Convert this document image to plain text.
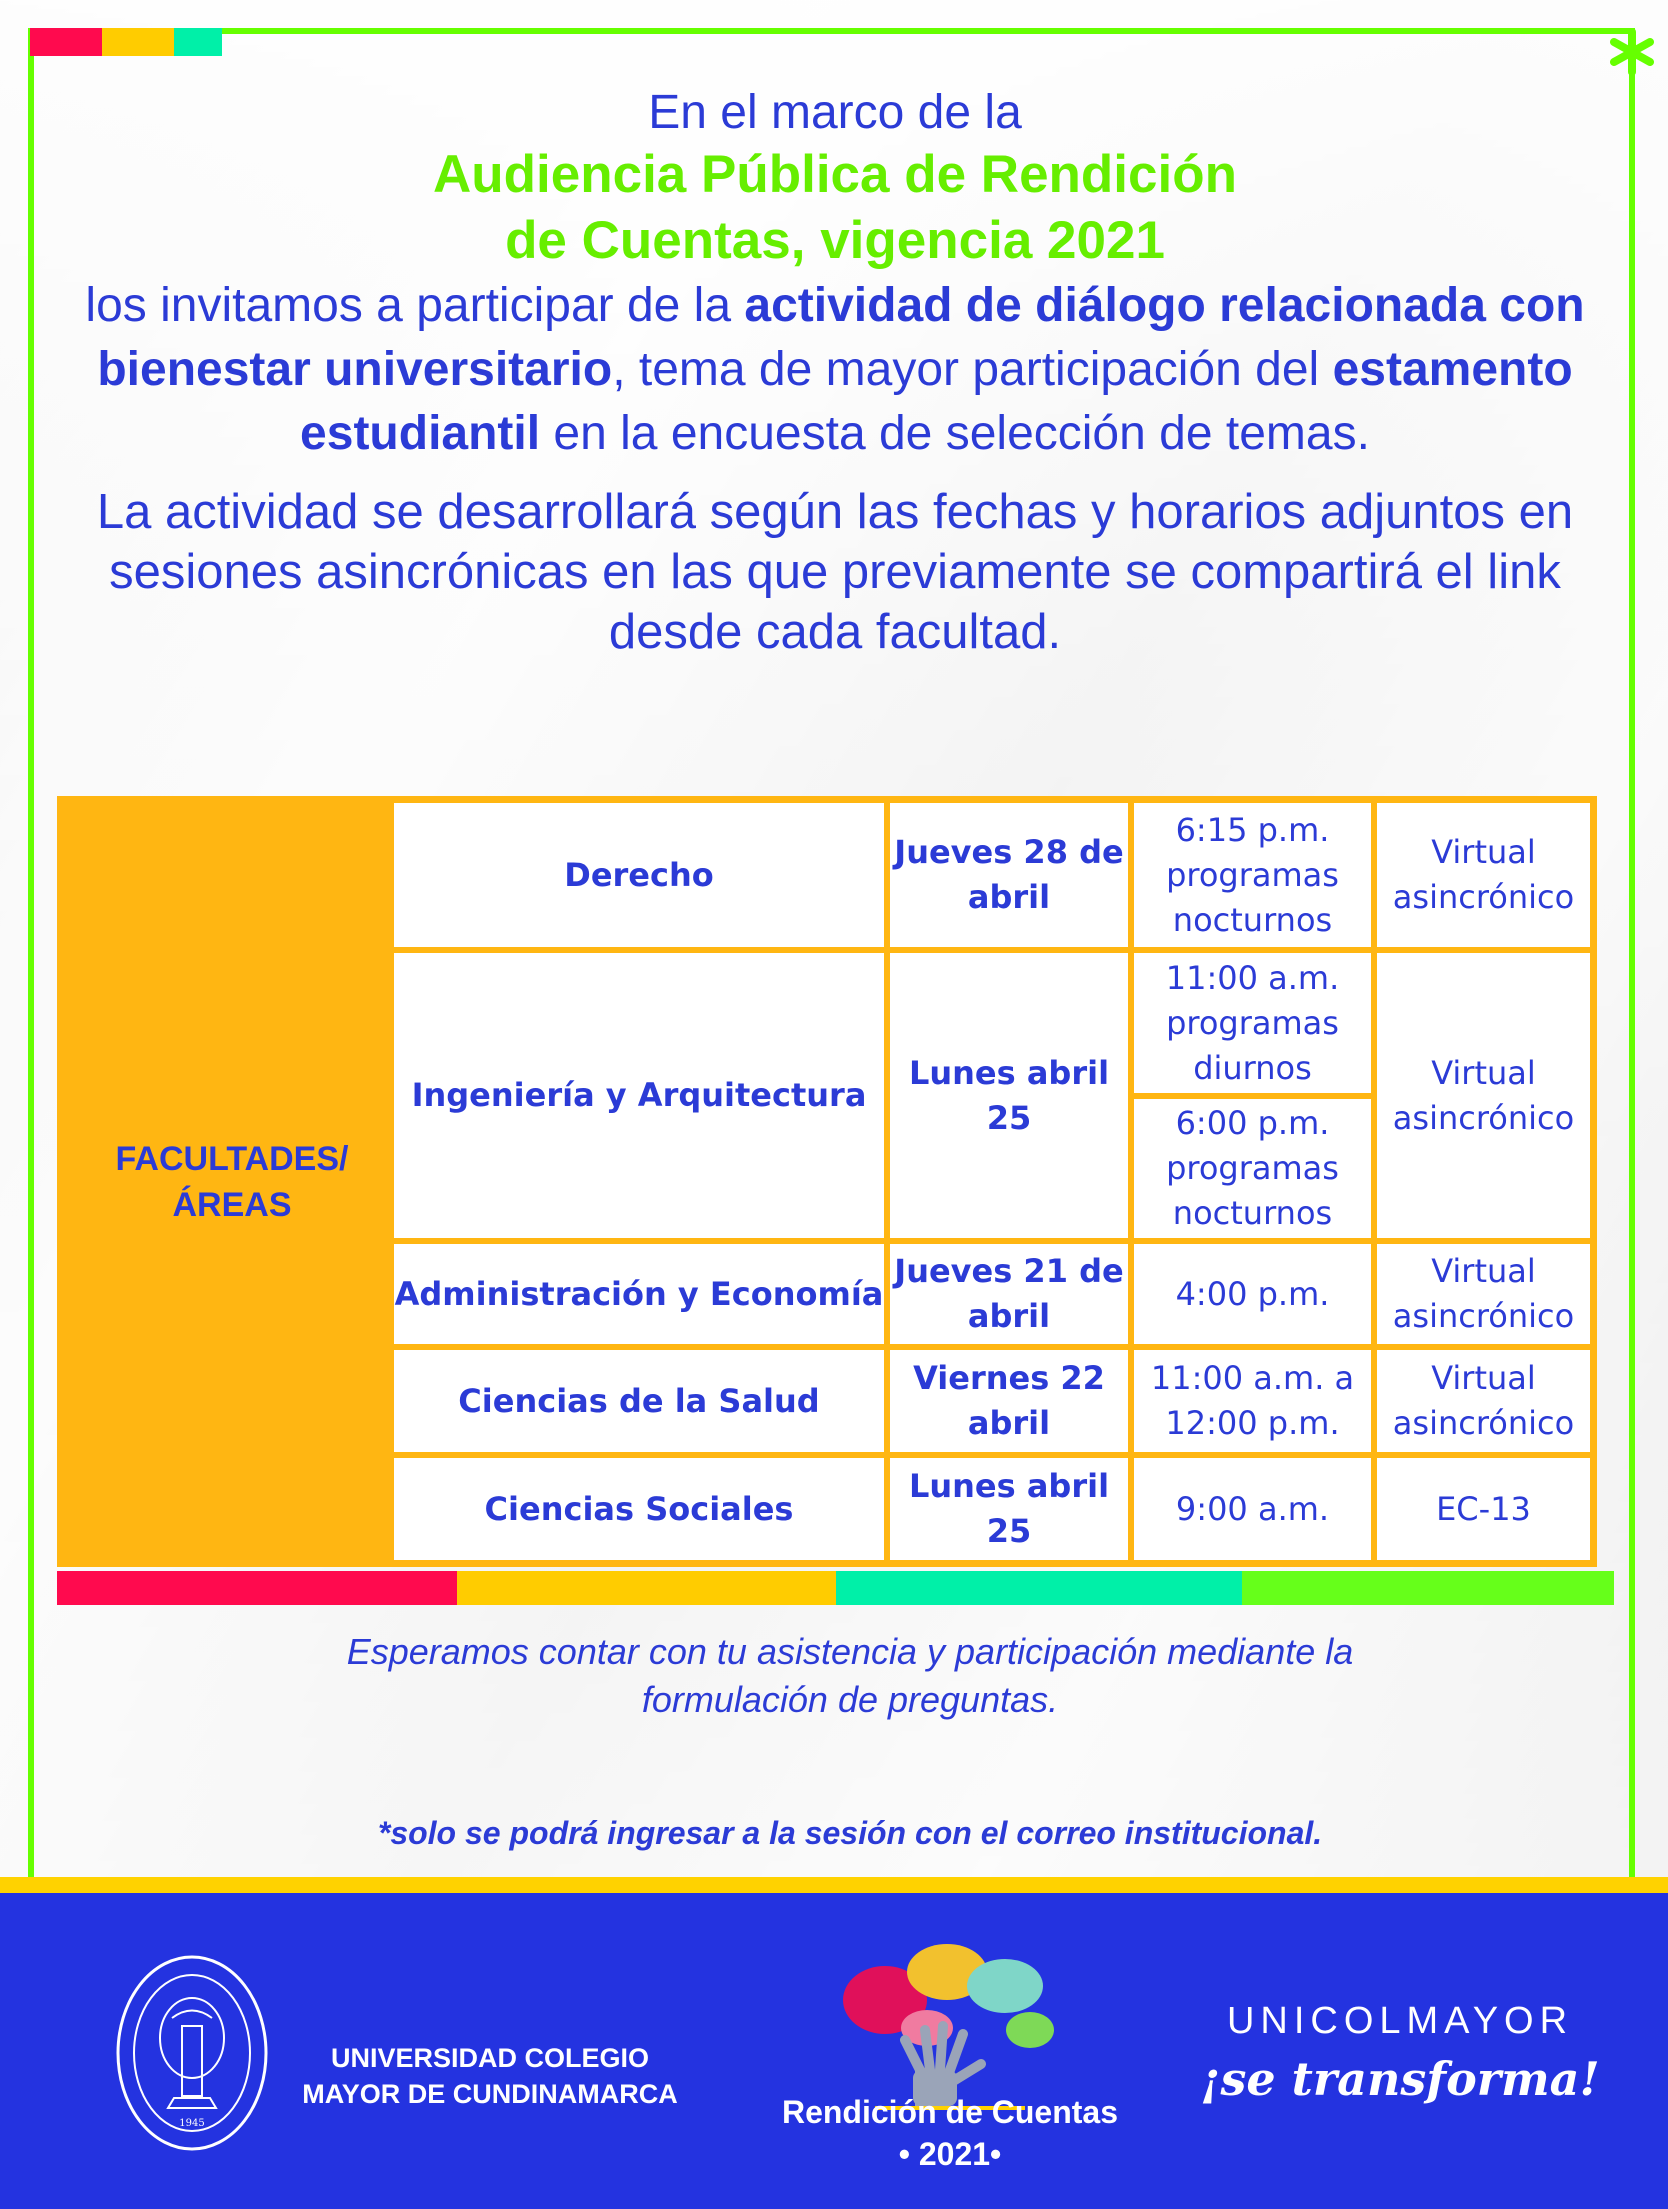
En el marco de la
Audiencia Pública de Rendición
de Cuentas, vigencia 2021
los invitamos a participar de la actividad de diálogo relacionada con bienestar universitario, tema de mayor participación del estamento estudiantil en la encuesta de selección de temas.
La actividad se desarrollará según las fechas y horarios adjuntos en sesiones asincrónicas en las que previamente se compartirá el link desde cada facultad.
FACULTADES/ ÁREAS
Derecho
Jueves 28 de abril
6:15 p.m. programas nocturnos
Virtual asincrónico
Ingeniería y Arquitectura
Lunes abril 25
11:00 a.m. programas diurnos
6:00 p.m. programas nocturnos
Virtual asincrónico
Administración y Economía
Jueves 21 de abril
4:00 p.m.
Virtual asincrónico
Ciencias de la Salud
Viernes 22 abril
11:00 a.m. a 12:00 p.m.
Virtual asincrónico
Ciencias Sociales
Lunes abril 25
9:00 a.m.	EC-13
Esperamos contar con tu asistencia y participación mediante la formulación de preguntas.
*solo se podrá ingresar a la sesión con el correo institucional.
1945
UNIVERSIDAD COLEGIO MAYOR DE CUNDINAMARCA	Rendición de Cuentas
• 2021•
UNICOLMAYOR
¡se transforma!
